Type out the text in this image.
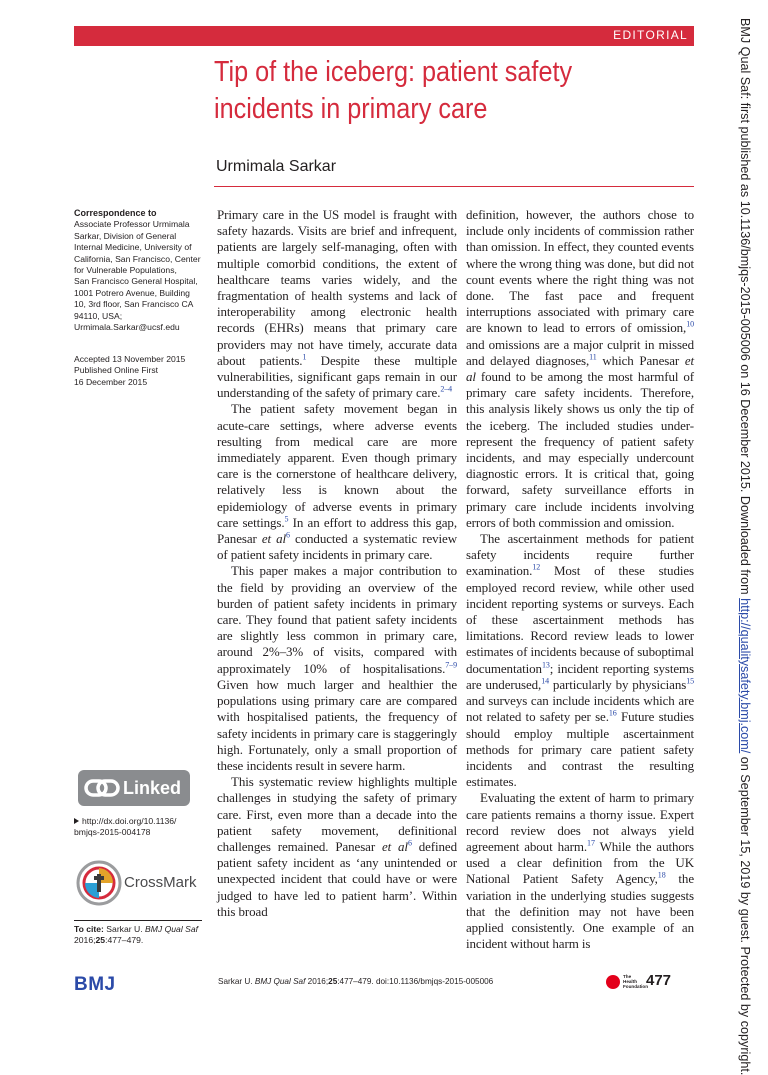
EDITORIAL
Tip of the iceberg: patient safety incidents in primary care
Urmimala Sarkar
Correspondence to
Associate Professor Urmimala
Sarkar, Division of General
Internal Medicine, University of
California, San Francisco, Center
for Vulnerable Populations,
San Francisco General Hospital,
1001 Potrero Avenue, Building
10, 3rd floor, San Francisco CA
94110, USA;
Urmimala.Sarkar@ucsf.edu
Accepted 13 November 2015
Published Online First
16 December 2015
Linked
http://dx.doi.org/10.1136/
bmjqs-2015-004178
CrossMark
To cite: Sarkar U. BMJ Qual Saf 2016;25:477–479.

Primary care in the US model is fraught with safety hazards. Visits are brief and infrequent, patients are largely self-managing, often with multiple comorbid conditions, the extent of healthcare teams varies widely, and the fragmentation of health systems and lack of interoperability among electronic health records (EHRs) means that primary care providers may not have timely, accurate data about patients.$^1$ Despite these multiple vulnerabilities, significant gaps remain in our understanding of the safety of primary care.$^{2-4}$

The patient safety movement began in acute-care settings, where adverse events resulting from medical care are more immediately apparent. Even though primary care is the cornerstone of healthcare delivery, relatively less is known about the epidemiology of adverse events in primary care settings.$^5$ In an effort to address this gap, Panesar et $al^6$ conducted a systematic review of patient safety incidents in primary care.

This paper makes a major contribution to the field by providing an overview of the burden of patient safety incidents in primary care. They found that patient safety incidents are slightly less common in primary care, around 2%–3% of visits, compared with approximately 10% of hospitalisations.$^{7-9}$ Given how much larger and healthier the populations using primary care are compared with hospitalised patients, the frequency of safety incidents in primary care is staggeringly high. Fortunately, only a small proportion of these incidents result in severe harm.

This systematic review highlights multiple challenges in studying the safety of primary care. First, even more than a decade into the patient safety movement, definitional challenges remained. Panesar et $al^6$ defined patient safety incident as ‘any unintended or unexpected incident that could have or were judged to have led to patient harm’. Within this broad

definition, however, the authors chose to include only incidents of commission rather than omission. In effect, they counted events where the wrong thing was done, but did not count events where the right thing was not done. The fast pace and frequent interruptions associated with primary care are known to lead to errors of omission,$^{10}$ and omissions are a major culprit in missed and delayed diagnoses,$^{11}$ which Panesar et al found to be among the most harmful of primary care safety incidents. Therefore, this analysis likely shows us only the tip of the iceberg. The included studies under-represent the frequency of patient safety incidents, and may especially undercount diagnostic errors. It is critical that, going forward, safety surveillance efforts in primary care include incidents involving errors of both commission and omission.

The ascertainment methods for patient safety incidents require further examination.$^{12}$ Most of these studies employed record review, while other used incident reporting systems or surveys. Each of these ascertainment methods has limitations. Record review leads to lower estimates of incidents because of suboptimal documentation$^{13}$; incident reporting systems are underused,$^{14}$ particularly by physicians$^{15}$ and surveys can include incidents which are not related to safety per se.$^{16}$ Future studies should employ multiple ascertainment methods for primary care patient safety incidents and contrast the resulting estimates.

Evaluating the extent of harm to primary care patients remains a thorny issue. Expert record review does not always yield agreement about harm.$^{17}$ While the authors used a clear definition from the UK National Patient Safety Agency,$^{18}$ the variation in the underlying studies suggests that the definition may not have been applied consistently. One example of an incident without harm is

BMJ	Sarkar U. BMJ Qual Saf 2016;25:477–479. doi:10.1136/bmjqs-2015-005006
The
Health
Foundation
477
BMJ Qual Saf: first published as 10.1136/bmjqs-2015-005006 on 16 December 2015. Downloaded from http://qualitysafety.bmj.com/ on September 15, 2019 by guest. Protected by copyright.
